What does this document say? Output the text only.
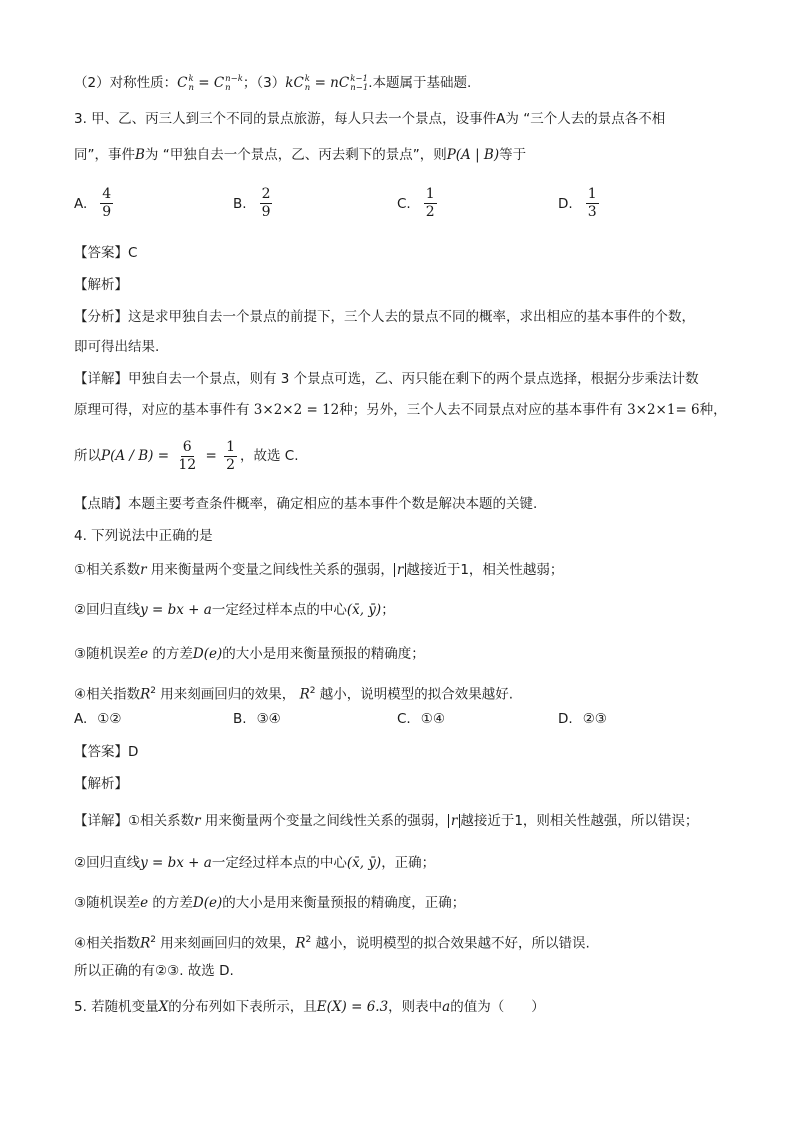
（2）对称性质：C k
n = C n−k
n ；（3）kC k
n = nC k−1
n−1 .本题属于基础题.
3. 甲、乙、丙三人到三个不同的景点旅游，每人只去一个景点，设事件A为 “三个人去的景点各不相
同”，事件B为 “甲独自去一个景点，乙、丙去剩下的景点”，则P(A | B)等于
A. $\frac{4}{9}$	B. $\frac{2}{9}$	C. $\frac{1}{2}$	D. $\frac{1}{3}$
【答案】C
【解析】
【分析】这是求甲独自去一个景点的前提下，三个人去的景点不同的概率，求出相应的基本事件的个数，
即可得出结果.
【详解】甲独自去一个景点，则有 3 个景点可选，乙、丙只能在剩下的两个景点选择，根据分步乘法计数
原理可得，对应的基本事件有 3×2×2 = 12种；另外，三个人去不同景点对应的基本事件有 3×2×1= 6种，
所以$P(A / B) = \frac{6}{12} = \frac{1}{2}$ ，故选 C.
【点睛】本题主要考查条件概率，确定相应的基本事件个数是解决本题的关键.
4. 下列说法中正确的是
①相关系数r 用来衡量两个变量之间线性关系的强弱， r 越接近于1，相关性越弱；
②回归直线y = bx + a一定经过样本点的中心(x̄, ȳ)；
③随机误差e 的方差D(e)的大小是用来衡量预报的精确度；
④相关指数$R^2$ 用来刻画回归的效果， $R^2$ 越小，说明模型的拟合效果越好.
A. ①②	B. ③④	C. ①④	D. ②③
【答案】D
【解析】
【详解】①相关系数r 用来衡量两个变量之间线性关系的强弱， r 越接近于1，则相关性越强，所以错误；
②回归直线y = bx + a一定经过样本点的中心(x̄, ȳ)，正确；
③随机误差e 的方差D(e)的大小是用来衡量预报的精确度，正确；
④相关指数$R^2$ 用来刻画回归的效果，$R^2$ 越小，说明模型的拟合效果越不好，所以错误.
所以正确的有②③. 故选 D.
5. 若随机变量X的分布列如下表所示，且E(X) = 6.3，则表中a的值为（　　）
